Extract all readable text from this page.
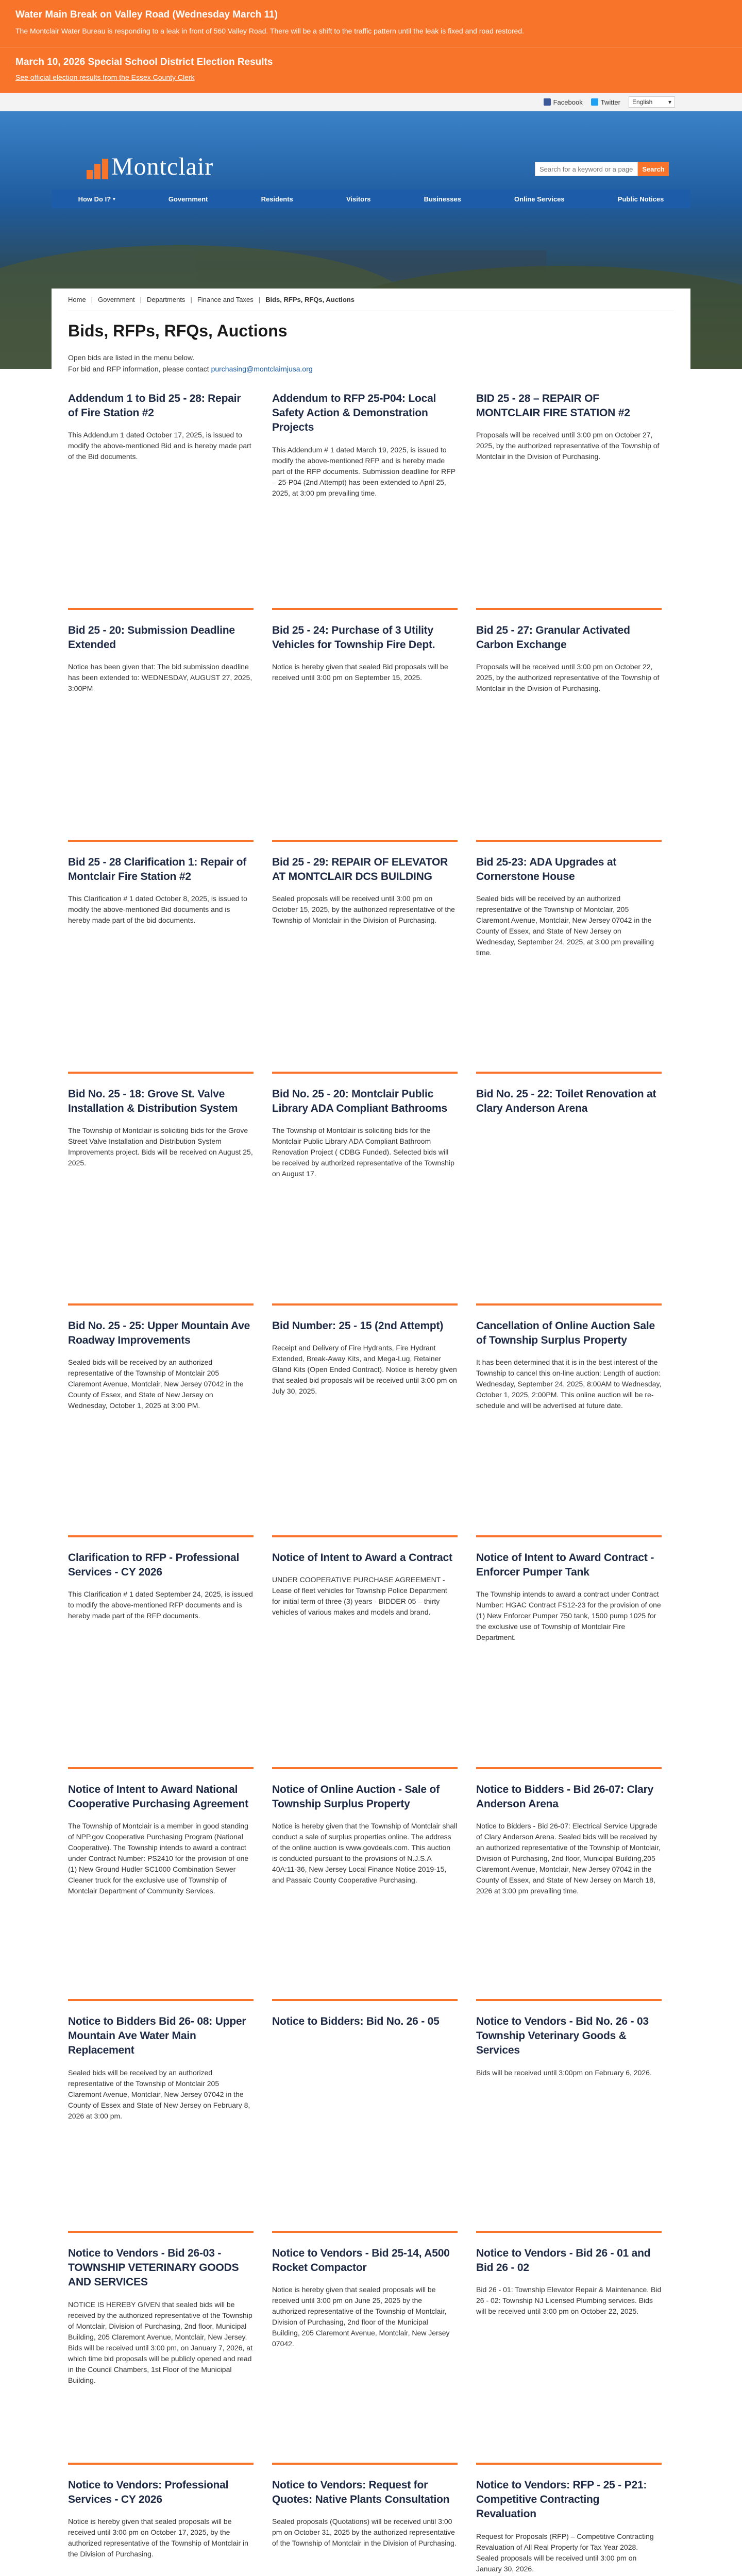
Water Main Break on Valley Road (Wednesday March 11)
The Montclair Water Bureau is responding to a leak in front of 560 Valley Road. There will be a shift to the traffic pattern until the leak is fixed and road restored.
March 10, 2026 Special School District Election Results
See official election results from the Essex County Clerk
Facebook	Twitter English	▾
Montclair
Search for a keyword or a page	Search
How Do I? ▾	Government	Residents	Visitors	Businesses	Online Services	Public Notices
Home | Government | Departments | Finance and Taxes | Bids, RFPs, RFQs, Auctions
Bids, RFPs, RFQs, Auctions
Open bids are listed in the menu below.
For bid and RFP information, please contact purchasing@montclairnjusa.org
Addendum 1 to Bid 25 - 28: Repair of Fire Station #2
This Addendum 1 dated October 17, 2025, is issued to modify the above-mentioned Bid and is hereby made part of the Bid documents.
Addendum to RFP 25-P04: Local Safety Action & Demonstration Projects
This Addendum # 1 dated March 19, 2025, is issued to modify the above-mentioned RFP and is hereby made part of the RFP documents. Submission deadline for RFP – 25-P04 (2nd Attempt) has been extended to April 25, 2025, at 3:00 pm prevailing time.
BID 25 - 28 – REPAIR OF MONTCLAIR FIRE STATION #2
Proposals will be received until 3:00 pm on October 27, 2025, by the authorized representative of the Township of Montclair in the Division of Purchasing.
Bid 25 - 20: Submission Deadline Extended
Notice has been given that: The bid submission deadline has been extended to: WEDNESDAY, AUGUST 27, 2025, 3:00PM
Bid 25 - 24: Purchase of 3 Utility Vehicles for Township Fire Dept.
Notice is hereby given that sealed Bid proposals will be received until 3:00 pm on September 15, 2025.
Bid 25 - 27: Granular Activated Carbon Exchange
Proposals will be received until 3:00 pm on October 22, 2025, by the authorized representative of the Township of Montclair in the Division of Purchasing.
Bid 25 - 28 Clarification 1: Repair of Montclair Fire Station #2
This Clarification # 1 dated October 8, 2025, is issued to modify the above-mentioned Bid documents and is hereby made part of the bid documents.
Bid 25 - 29: REPAIR OF ELEVATOR AT MONTCLAIR DCS BUILDING
Sealed proposals will be received until 3:00 pm on October 15, 2025, by the authorized representative of the Township of Montclair in the Division of Purchasing.
Bid 25-23: ADA Upgrades at Cornerstone House
Sealed bids will be received by an authorized representative of the Township of Montclair, 205 Claremont Avenue, Montclair, New Jersey 07042 in the County of Essex, and State of New Jersey on Wednesday, September 24, 2025, at 3:00 pm prevailing time.
Bid No. 25 - 18: Grove St. Valve Installation & Distribution System
The Township of Montclair is soliciting bids for the Grove Street Valve Installation and Distribution System Improvements project. Bids will be received on August 25, 2025.
Bid No. 25 - 20: Montclair Public Library ADA Compliant Bathrooms
The Township of Montclair is soliciting bids for the Montclair Public Library ADA Compliant Bathroom Renovation Project ( CDBG Funded). Selected bids will be received by authorized representative of the Township on August 17.
Bid No. 25 - 22: Toilet Renovation at Clary Anderson Arena
Bid No. 25 - 25: Upper Mountain Ave Roadway Improvements
Sealed bids will be received by an authorized representative of the Township of Montclair 205 Claremont Avenue, Montclair, New Jersey 07042 in the County of Essex, and State of New Jersey on Wednesday, October 1, 2025 at 3:00 PM.
Bid Number: 25 - 15 (2nd Attempt)
Receipt and Delivery of Fire Hydrants, Fire Hydrant Extended, Break-Away Kits, and Mega-Lug, Retainer Gland Kits (Open Ended Contract). Notice is hereby given that sealed bid proposals will be received until 3:00 pm on July 30, 2025.
Cancellation of Online Auction Sale of Township Surplus Property
It has been determined that it is in the best interest of the Township to cancel this on-line auction: Length of auction: Wednesday, September 24, 2025, 8:00AM to Wednesday, October 1, 2025, 2:00PM. This online auction will be re-schedule and will be advertised at future date.
Clarification to RFP - Professional Services - CY 2026
This Clarification # 1 dated September 24, 2025, is issued to modify the above-mentioned RFP documents and is hereby made part of the RFP documents.
Notice of Intent to Award a Contract
UNDER COOPERATIVE PURCHASE AGREEMENT - Lease of fleet vehicles for Township Police Department for initial term of three (3) years - BIDDER 05 – thirty vehicles of various makes and models and brand.
Notice of Intent to Award Contract - Enforcer Pumper Tank
The Township intends to award a contract under Contract Number: HGAC Contract FS12-23 for the provision of one (1) New Enforcer Pumper 750 tank, 1500 pump 1025 for the exclusive use of Township of Montclair Fire Department.
Notice of Intent to Award National Cooperative Purchasing Agreement
The Township of Montclair is a member in good standing of NPP.gov Cooperative Purchasing Program (National Cooperative). The Township intends to award a contract under Contract Number: PS2410 for the provision of one (1) New Ground Hudler SC1000 Combination Sewer Cleaner truck for the exclusive use of Township of Montclair Department of Community Services.
Notice of Online Auction - Sale of Township Surplus Property
Notice is hereby given that the Township of Montclair shall conduct a sale of surplus properties online. The address of the online auction is www.govdeals.com. This auction is conducted pursuant to the provisions of N.J.S.A 40A:11-36, New Jersey Local Finance Notice 2019-15, and Passaic County Cooperative Purchasing.
Notice to Bidders - Bid 26-07: Clary Anderson Arena
Notice to Bidders - Bid 26-07: Electrical Service Upgrade of Clary Anderson Arena. Sealed bids will be received by an authorized representative of the Township of Montclair, Division of Purchasing, 2nd floor, Municipal Building,205 Claremont Avenue, Montclair, New Jersey 07042 in the County of Essex, and State of New Jersey on March 18, 2026 at 3:00 pm prevailing time.
Notice to Bidders Bid 26- 08: Upper Mountain Ave Water Main Replacement
Sealed bids will be received by an authorized representative of the Township of Montclair 205 Claremont Avenue, Montclair, New Jersey 07042 in the County of Essex and State of New Jersey on February 8, 2026 at 3:00 pm.
Notice to Bidders: Bid No. 26 - 05	Notice to Vendors - Bid No. 26 - 03 Township Veterinary Goods & Services
Bids will be received until 3:00pm on February 6, 2026.
Notice to Vendors - Bid 26-03 - TOWNSHIP VETERINARY GOODS AND SERVICES
NOTICE IS HEREBY GIVEN that sealed bids will be received by the authorized representative of the Township of Montclair, Division of Purchasing, 2nd floor, Municipal Building, 205 Claremont Avenue, Montclair, New Jersey. Bids will be received until 3:00 pm, on January 7, 2026, at which time bid proposals will be publicly opened and read in the Council Chambers, 1st Floor of the Municipal Building.
Notice to Vendors - Bid 25-14, A500 Rocket Compactor
Notice is hereby given that sealed proposals will be received until 3:00 pm on June 25, 2025 by the authorized representative of the Township of Montclair, Division of Purchasing, 2nd floor of the Municipal Building, 205 Claremont Avenue, Montclair, New Jersey 07042.
Notice to Vendors - Bid 26 - 01 and Bid 26 - 02
Bid 26 - 01: Township Elevator Repair & Maintenance. Bid 26 - 02: Township NJ Licensed Plumbing services. Bids will be received until 3:00 pm on October 22, 2025.
Notice to Vendors: Professional Services - CY 2026
Notice is hereby given that sealed proposals will be received until 3:00 pm on October 17, 2025, by the authorized representative of the Township of Montclair in the Division of Purchasing.
Notice to Vendors: Request for Quotes: Native Plants Consultation
Sealed proposals (Quotations) will be received until 3:00 pm on October 31, 2025 by the authorized representative of the Township of Montclair in the Division of Purchasing.
Notice to Vendors: RFP - 25 - P21: Competitive Contracting Revaluation
Request for Proposals (RFP) – Competitive Contracting Revaluation of All Real Property for Tax Year 2028. Sealed proposals will be received until 3:00 pm on January 30, 2026.
